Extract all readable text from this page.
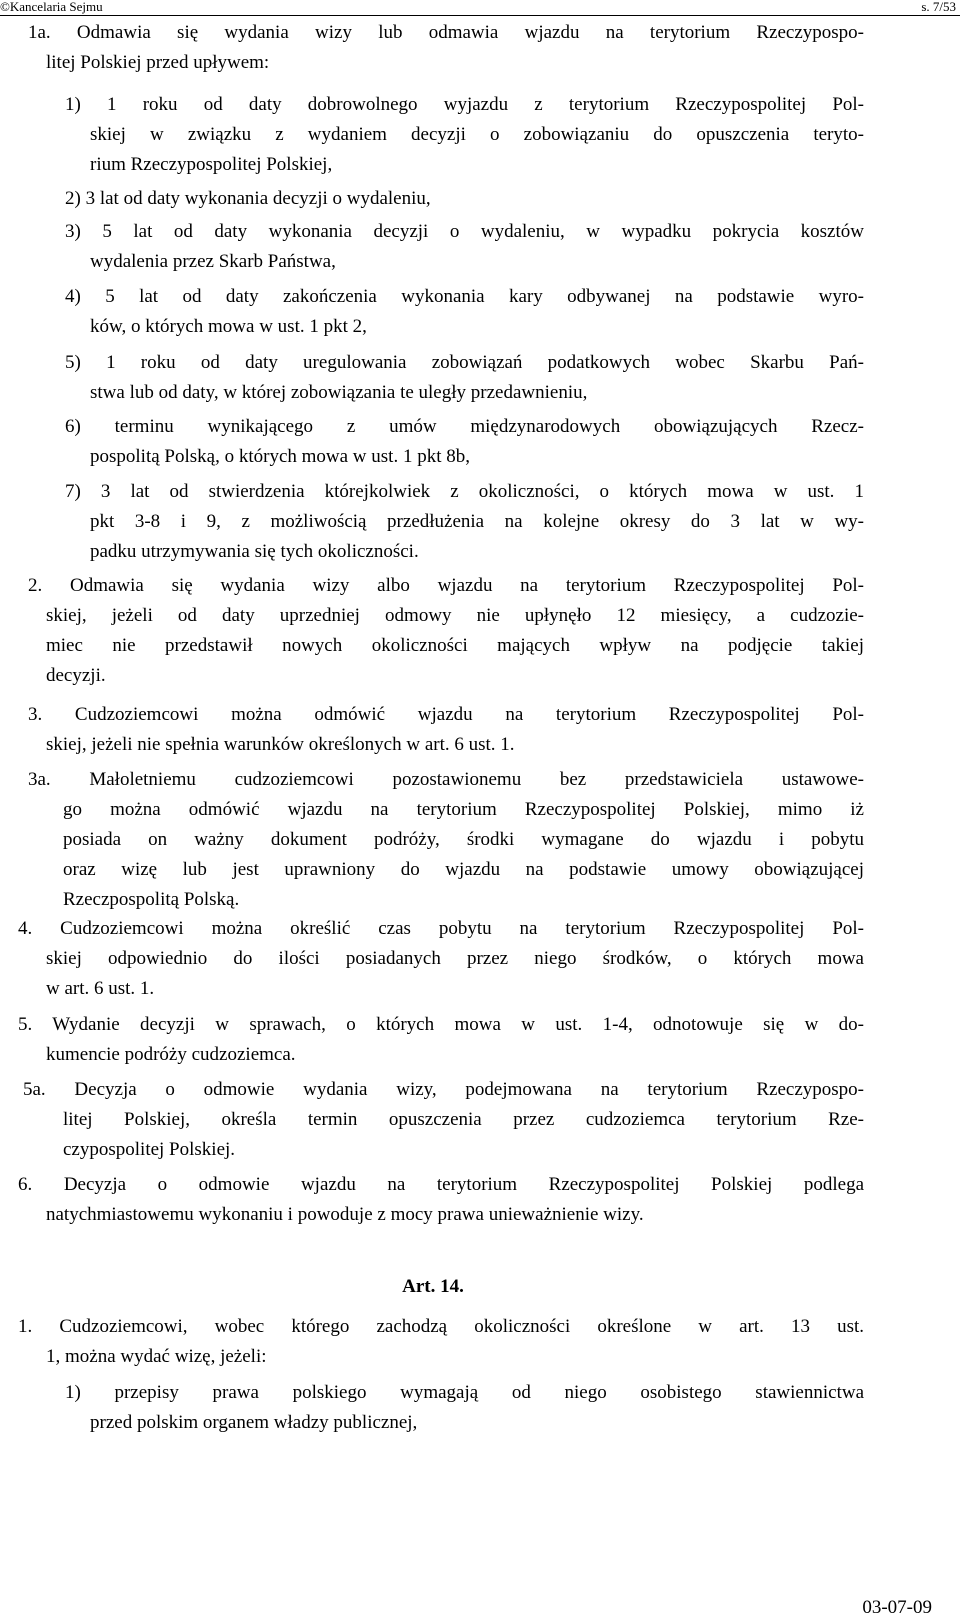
©Kancelaria Sejmu	s. 7/53
1a. Odmawia się wydania wizy lub odmawia wjazdu na terytorium Rzeczypospo-
litej Polskiej przed upływem:
1) 1 roku od daty dobrowolnego wyjazdu z terytorium Rzeczypospolitej Pol-
skiej w związku z wydaniem decyzji o zobowiązaniu do opuszczenia teryto-
rium Rzeczypospolitej Polskiej,
2) 3 lat od daty wykonania decyzji o wydaleniu,
3) 5 lat od daty wykonania decyzji o wydaleniu, w wypadku pokrycia kosztów
wydalenia przez Skarb Państwa,
4) 5 lat od daty zakończenia wykonania kary odbywanej na podstawie wyro-
ków, o których mowa w ust. 1 pkt 2,
5) 1 roku od daty uregulowania zobowiązań podatkowych wobec Skarbu Pań-
stwa lub od daty, w której zobowiązania te uległy przedawnieniu,
6) terminu wynikającego z umów międzynarodowych obowiązujących Rzecz-
pospolitą Polską, o których mowa w ust. 1 pkt 8b,
7) 3 lat od stwierdzenia którejkolwiek z okoliczności, o których mowa w ust. 1
pkt 3-8 i 9, z możliwością przedłużenia na kolejne okresy do 3 lat w wy-
padku utrzymywania się tych okoliczności.
2. Odmawia się wydania wizy albo wjazdu na terytorium Rzeczypospolitej Pol-
skiej, jeżeli od daty uprzedniej odmowy nie upłynęło 12 miesięcy, a cudzozie-
miec nie przedstawił nowych okoliczności mających wpływ na podjęcie takiej
decyzji.
3. Cudzoziemcowi można odmówić wjazdu na terytorium Rzeczypospolitej Pol-
skiej, jeżeli nie spełnia warunków określonych w art. 6 ust. 1.
3a. Małoletniemu cudzoziemcowi pozostawionemu bez przedstawiciela ustawowe-
go można odmówić wjazdu na terytorium Rzeczypospolitej Polskiej, mimo iż
posiada on ważny dokument podróży, środki wymagane do wjazdu i pobytu
oraz wizę lub jest uprawniony do wjazdu na podstawie umowy obowiązującej
Rzeczpospolitą Polską.
4. Cudzoziemcowi można określić czas pobytu na terytorium Rzeczypospolitej Pol-
skiej odpowiednio do ilości posiadanych przez niego środków, o których mowa
w art. 6 ust. 1.
5. Wydanie decyzji w sprawach, o których mowa w ust. 1-4, odnotowuje się w do-
kumencie podróży cudzoziemca.
5a. Decyzja o odmowie wydania wizy, podejmowana na terytorium Rzeczypospo-
litej Polskiej, określa termin opuszczenia przez cudzoziemca terytorium Rze-
czypospolitej Polskiej.
6. Decyzja o odmowie wjazdu na terytorium Rzeczypospolitej Polskiej podlega
natychmiastowemu wykonaniu i powoduje z mocy prawa unieważnienie wizy.
Art. 14.
1. Cudzoziemcowi, wobec którego zachodzą okoliczności określone w art. 13 ust.
1, można wydać wizę, jeżeli:
1) przepisy prawa polskiego wymagają od niego osobistego stawiennictwa
przed polskim organem władzy publicznej,
03-07-09
